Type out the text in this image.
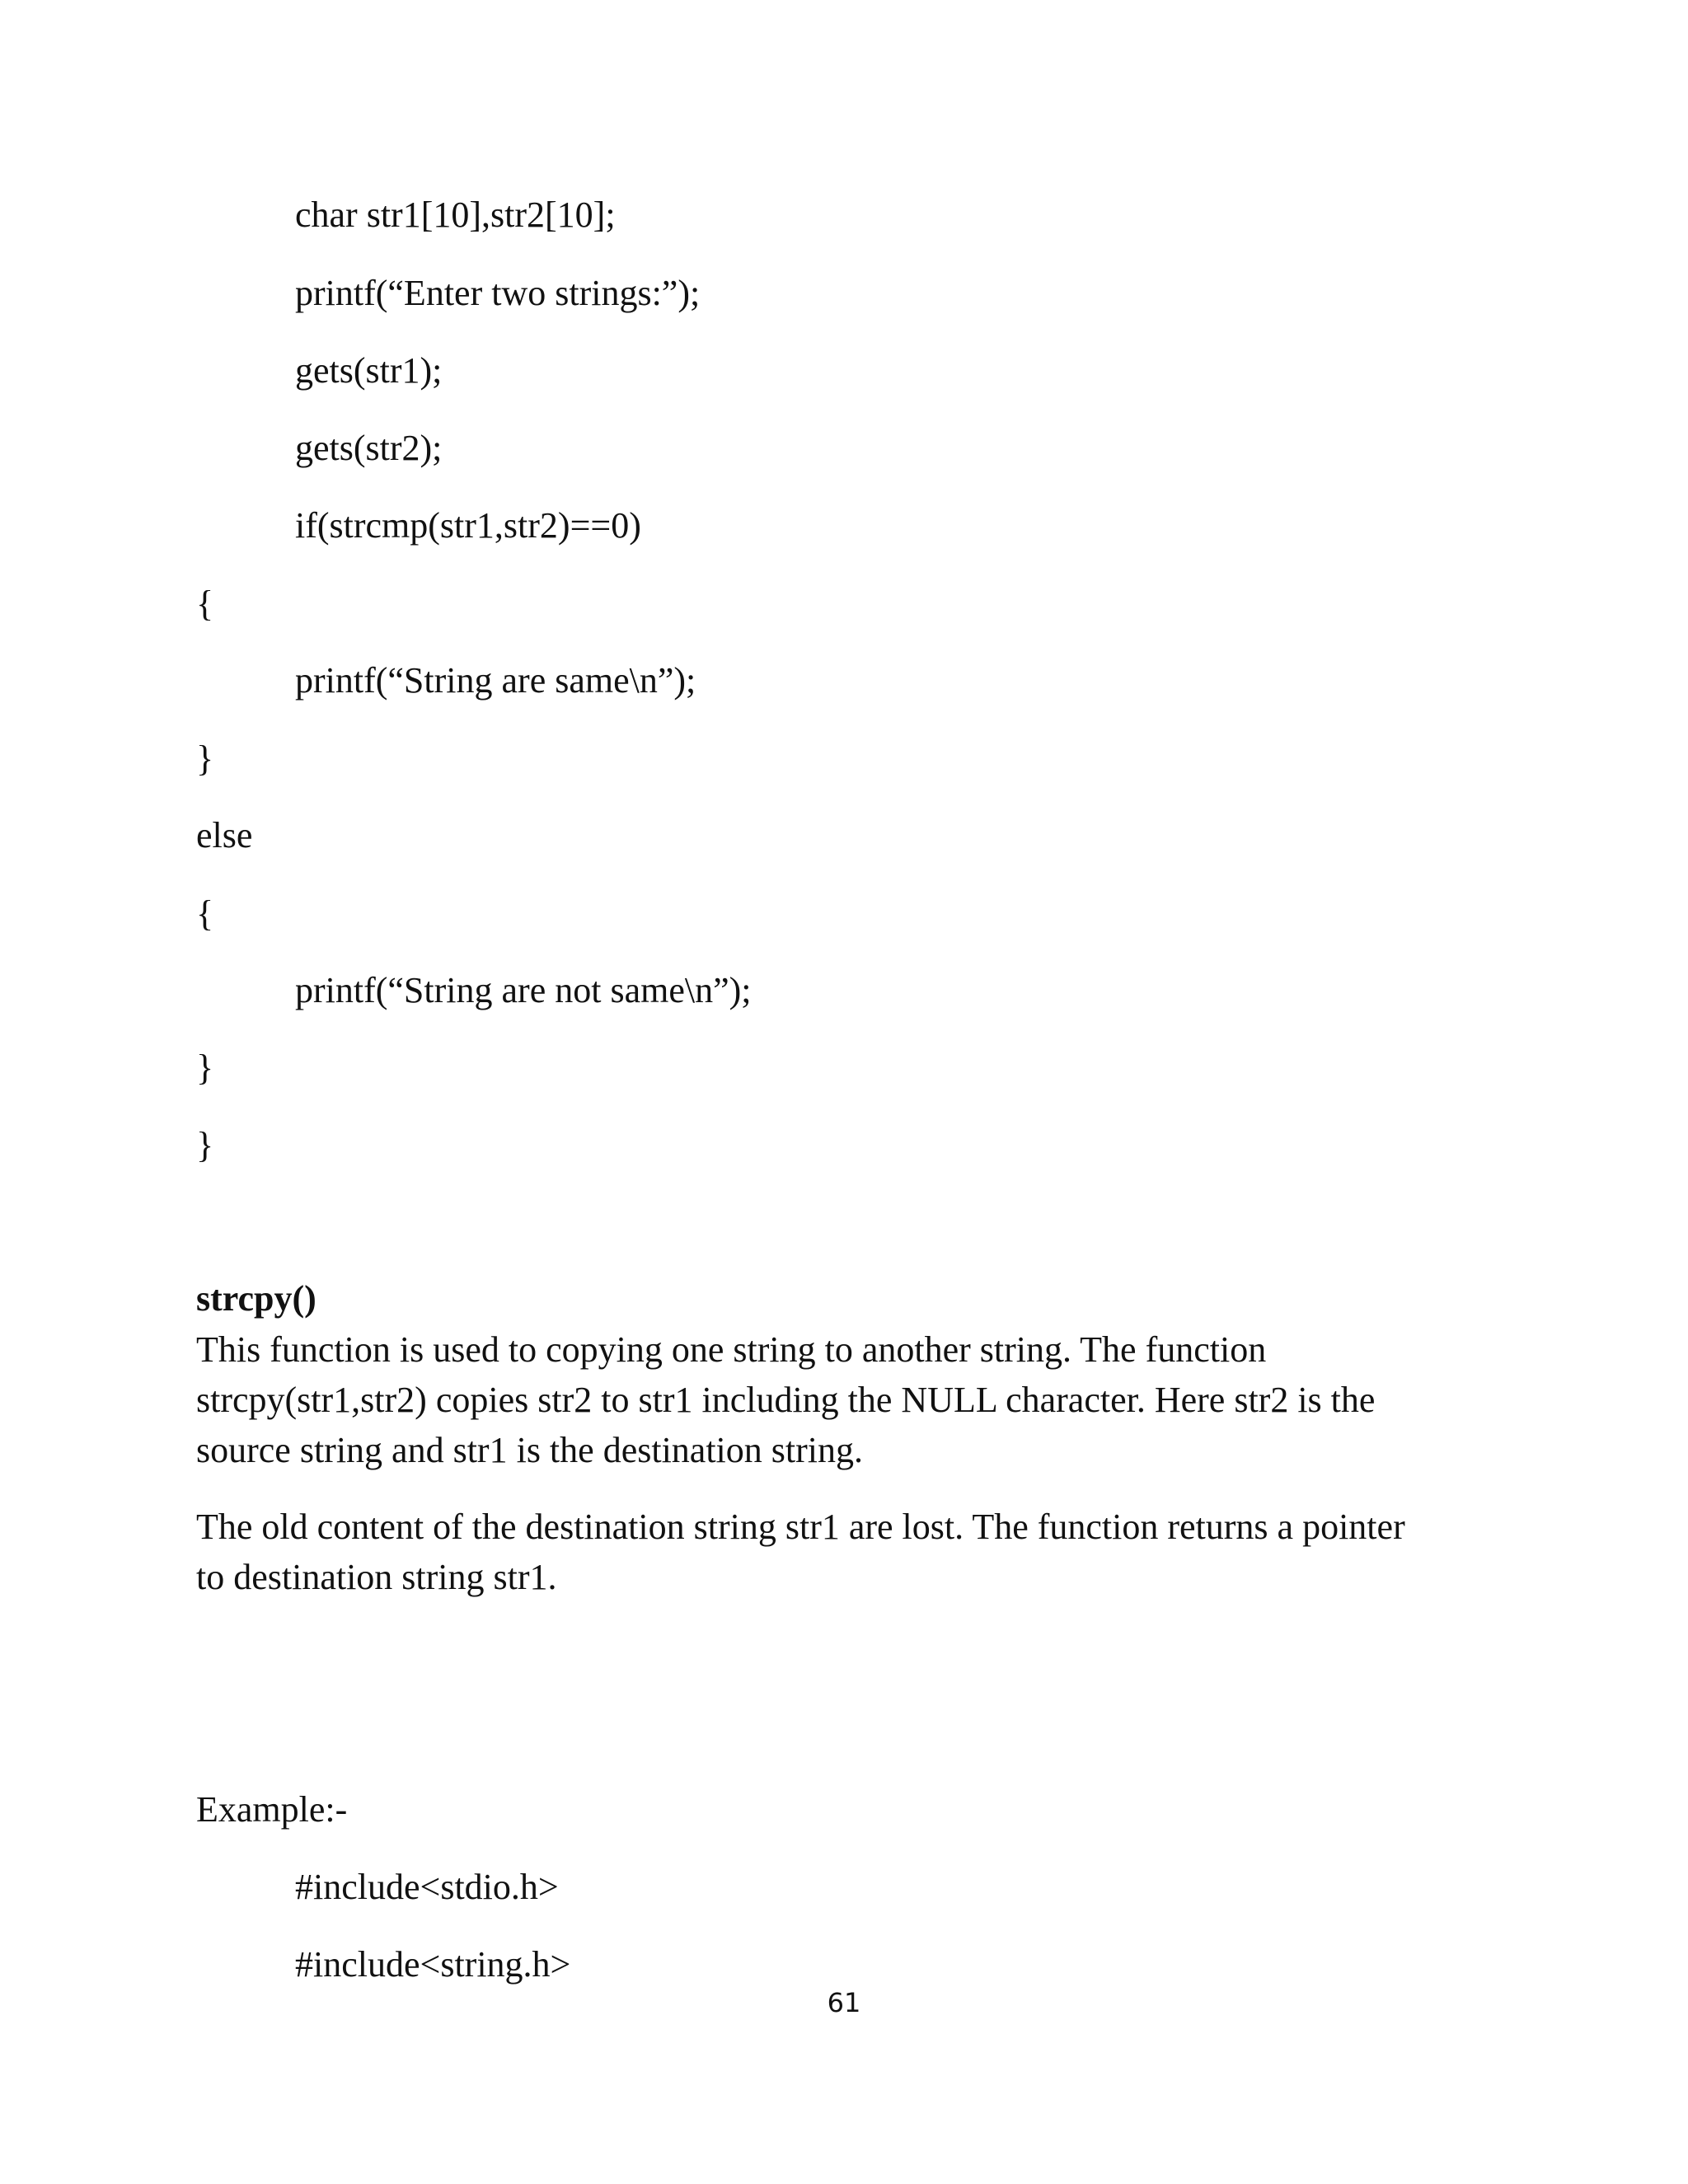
char str1[10],str2[10];
printf(“Enter two strings:”);
gets(str1);
gets(str2);
if(strcmp(str1,str2)==0)
{
printf(“String are same\n”);
}
else
{
printf(“String are not same\n”);
}
}
strcpy()
This function is used to copying one string to another string. The function
strcpy(str1,str2) copies str2 to str1 including the NULL character. Here str2 is the
source string and str1 is the destination string.
The old content of the destination string str1 are lost. The function returns a pointer
to destination string str1.
Example:-
#include<stdio.h>
#include<string.h>
61
